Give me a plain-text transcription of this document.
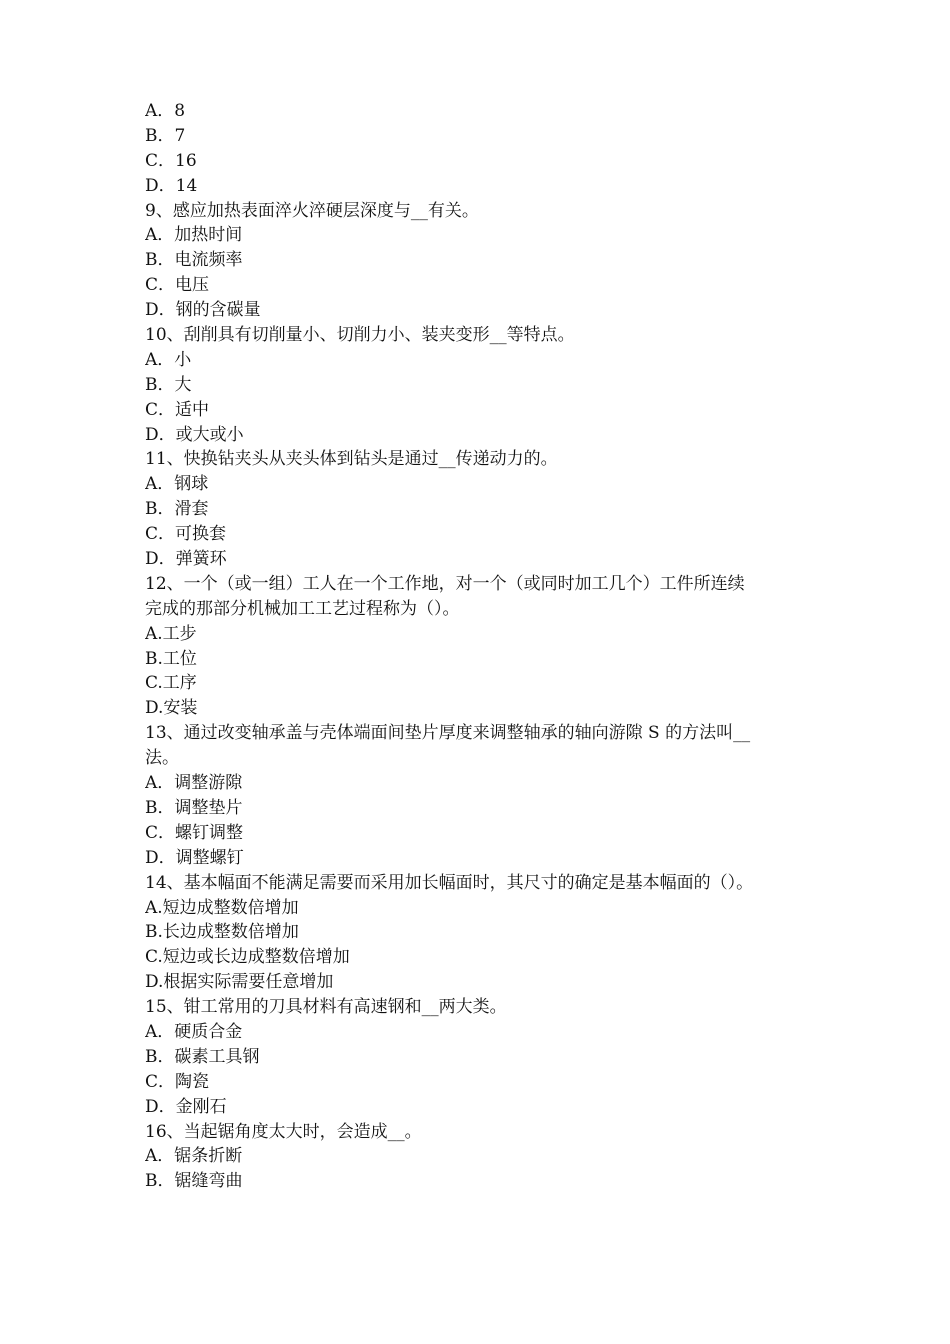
A．8
B．7
C．16
D．14
9、感应加热表面淬火淬硬层深度与__有关。
A．加热时间
B．电流频率
C．电压
D．钢的含碳量
10、刮削具有切削量小、切削力小、装夹变形__等特点。
A．小
B．大
C．适中
D．或大或小
11、快换钻夹头从夹头体到钻头是通过__传递动力的。
A．钢球
B．滑套
C．可换套
D．弹簧环
12、一个（或一组）工人在一个工作地，对一个（或同时加工几个）工件所连续
完成的那部分机械加工工艺过程称为（）。
A.工步
B.工位
C.工序
D.安装
13、通过改变轴承盖与壳体端面间垫片厚度来调整轴承的轴向游隙 S 的方法叫__
法。
A．调整游隙
B．调整垫片
C．螺钉调整
D．调整螺钉
14、基本幅面不能满足需要而采用加长幅面时，其尺寸的确定是基本幅面的（）。
A.短边成整数倍增加
B.长边成整数倍增加
C.短边或长边成整数倍增加
D.根据实际需要任意增加
15、钳工常用的刀具材料有高速钢和__两大类。
A．硬质合金
B．碳素工具钢
C．陶瓷
D．金刚石
16、当起锯角度太大时，会造成__。
A．锯条折断
B．锯缝弯曲
